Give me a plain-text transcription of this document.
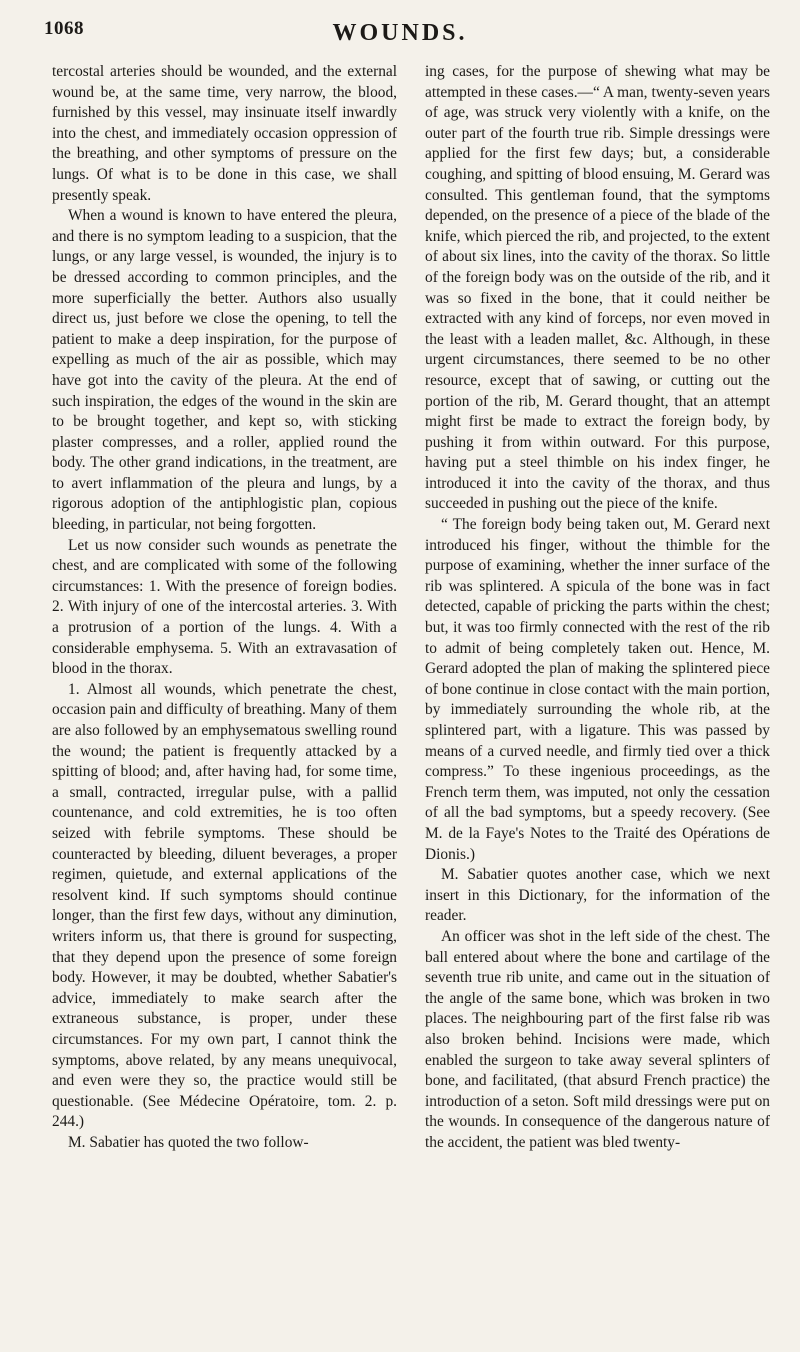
1068	WOUNDS.

tercostal arteries should be wounded, and the external wound be, at the same time, very narrow, the blood, furnished by this vessel, may insinuate itself inwardly into the chest, and immediately occasion oppression of the breathing, and other symptoms of pressure on the lungs. Of what is to be done in this case, we shall presently speak.

When a wound is known to have entered the pleura, and there is no symptom leading to a suspicion, that the lungs, or any large vessel, is wounded, the injury is to be dressed according to common principles, and the more superficially the better. Authors also usually direct us, just before we close the opening, to tell the patient to make a deep inspiration, for the purpose of expelling as much of the air as possible, which may have got into the cavity of the pleura. At the end of such inspiration, the edges of the wound in the skin are to be brought together, and kept so, with sticking plaster compresses, and a roller, applied round the body. The other grand indications, in the treatment, are to avert inflammation of the pleura and lungs, by a rigorous adoption of the antiphlogistic plan, copious bleeding, in particular, not being forgotten.

Let us now consider such wounds as penetrate the chest, and are complicated with some of the following circumstances: 1. With the presence of foreign bodies. 2. With injury of one of the intercostal arteries. 3. With a protrusion of a portion of the lungs. 4. With a considerable emphysema. 5. With an extravasation of blood in the thorax.

1. Almost all wounds, which penetrate the chest, occasion pain and difficulty of breathing. Many of them are also followed by an emphysematous swelling round the wound; the patient is frequently attacked by a spitting of blood; and, after having had, for some time, a small, contracted, irregular pulse, with a pallid countenance, and cold extremities, he is too often seized with febrile symptoms. These should be counteracted by bleeding, diluent beverages, a proper regimen, quietude, and external applications of the resolvent kind. If such symptoms should continue longer, than the first few days, without any diminution, writers inform us, that there is ground for suspecting, that they depend upon the presence of some foreign body. However, it may be doubted, whether Sabatier's advice, immediately to make search after the extraneous substance, is proper, under these circumstances. For my own part, I cannot think the symptoms, above related, by any means unequivocal, and even were they so, the practice would still be questionable. (See Médecine Opératoire, tom. 2. p. 244.)

M. Sabatier has quoted the two follow-

ing cases, for the purpose of shewing what may be attempted in these cases.—“ A man, twenty-seven years of age, was struck very violently with a knife, on the outer part of the fourth true rib. Simple dressings were applied for the first few days; but, a considerable coughing, and spitting of blood ensuing, M. Gerard was consulted. This gentleman found, that the symptoms depended, on the presence of a piece of the blade of the knife, which pierced the rib, and projected, to the extent of about six lines, into the cavity of the thorax. So little of the foreign body was on the outside of the rib, and it was so fixed in the bone, that it could neither be extracted with any kind of forceps, nor even moved in the least with a leaden mallet, &c. Although, in these urgent circumstances, there seemed to be no other resource, except that of sawing, or cutting out the portion of the rib, M. Gerard thought, that an attempt might first be made to extract the foreign body, by pushing it from within outward. For this purpose, having put a steel thimble on his index finger, he introduced it into the cavity of the thorax, and thus succeeded in pushing out the piece of the knife.

“ The foreign body being taken out, M. Gerard next introduced his finger, without the thimble for the purpose of examining, whether the inner surface of the rib was splintered. A spicula of the bone was in fact detected, capable of pricking the parts within the chest; but, it was too firmly connected with the rest of the rib to admit of being completely taken out. Hence, M. Gerard adopted the plan of making the splintered piece of bone continue in close contact with the main portion, by immediately surrounding the whole rib, at the splintered part, with a ligature. This was passed by means of a curved needle, and firmly tied over a thick compress.” To these ingenious proceedings, as the French term them, was imputed, not only the cessation of all the bad symptoms, but a speedy recovery. (See M. de la Faye's Notes to the Traité des Opérations de Dionis.)

M. Sabatier quotes another case, which we next insert in this Dictionary, for the information of the reader.

An officer was shot in the left side of the chest. The ball entered about where the bone and cartilage of the seventh true rib unite, and came out in the situation of the angle of the same bone, which was broken in two places. The neighbouring part of the first false rib was also broken behind. Incisions were made, which enabled the surgeon to take away several splinters of bone, and facilitated, (that absurd French practice) the introduction of a seton. Soft mild dressings were put on the wounds. In consequence of the dangerous nature of the accident, the patient was bled twenty-
